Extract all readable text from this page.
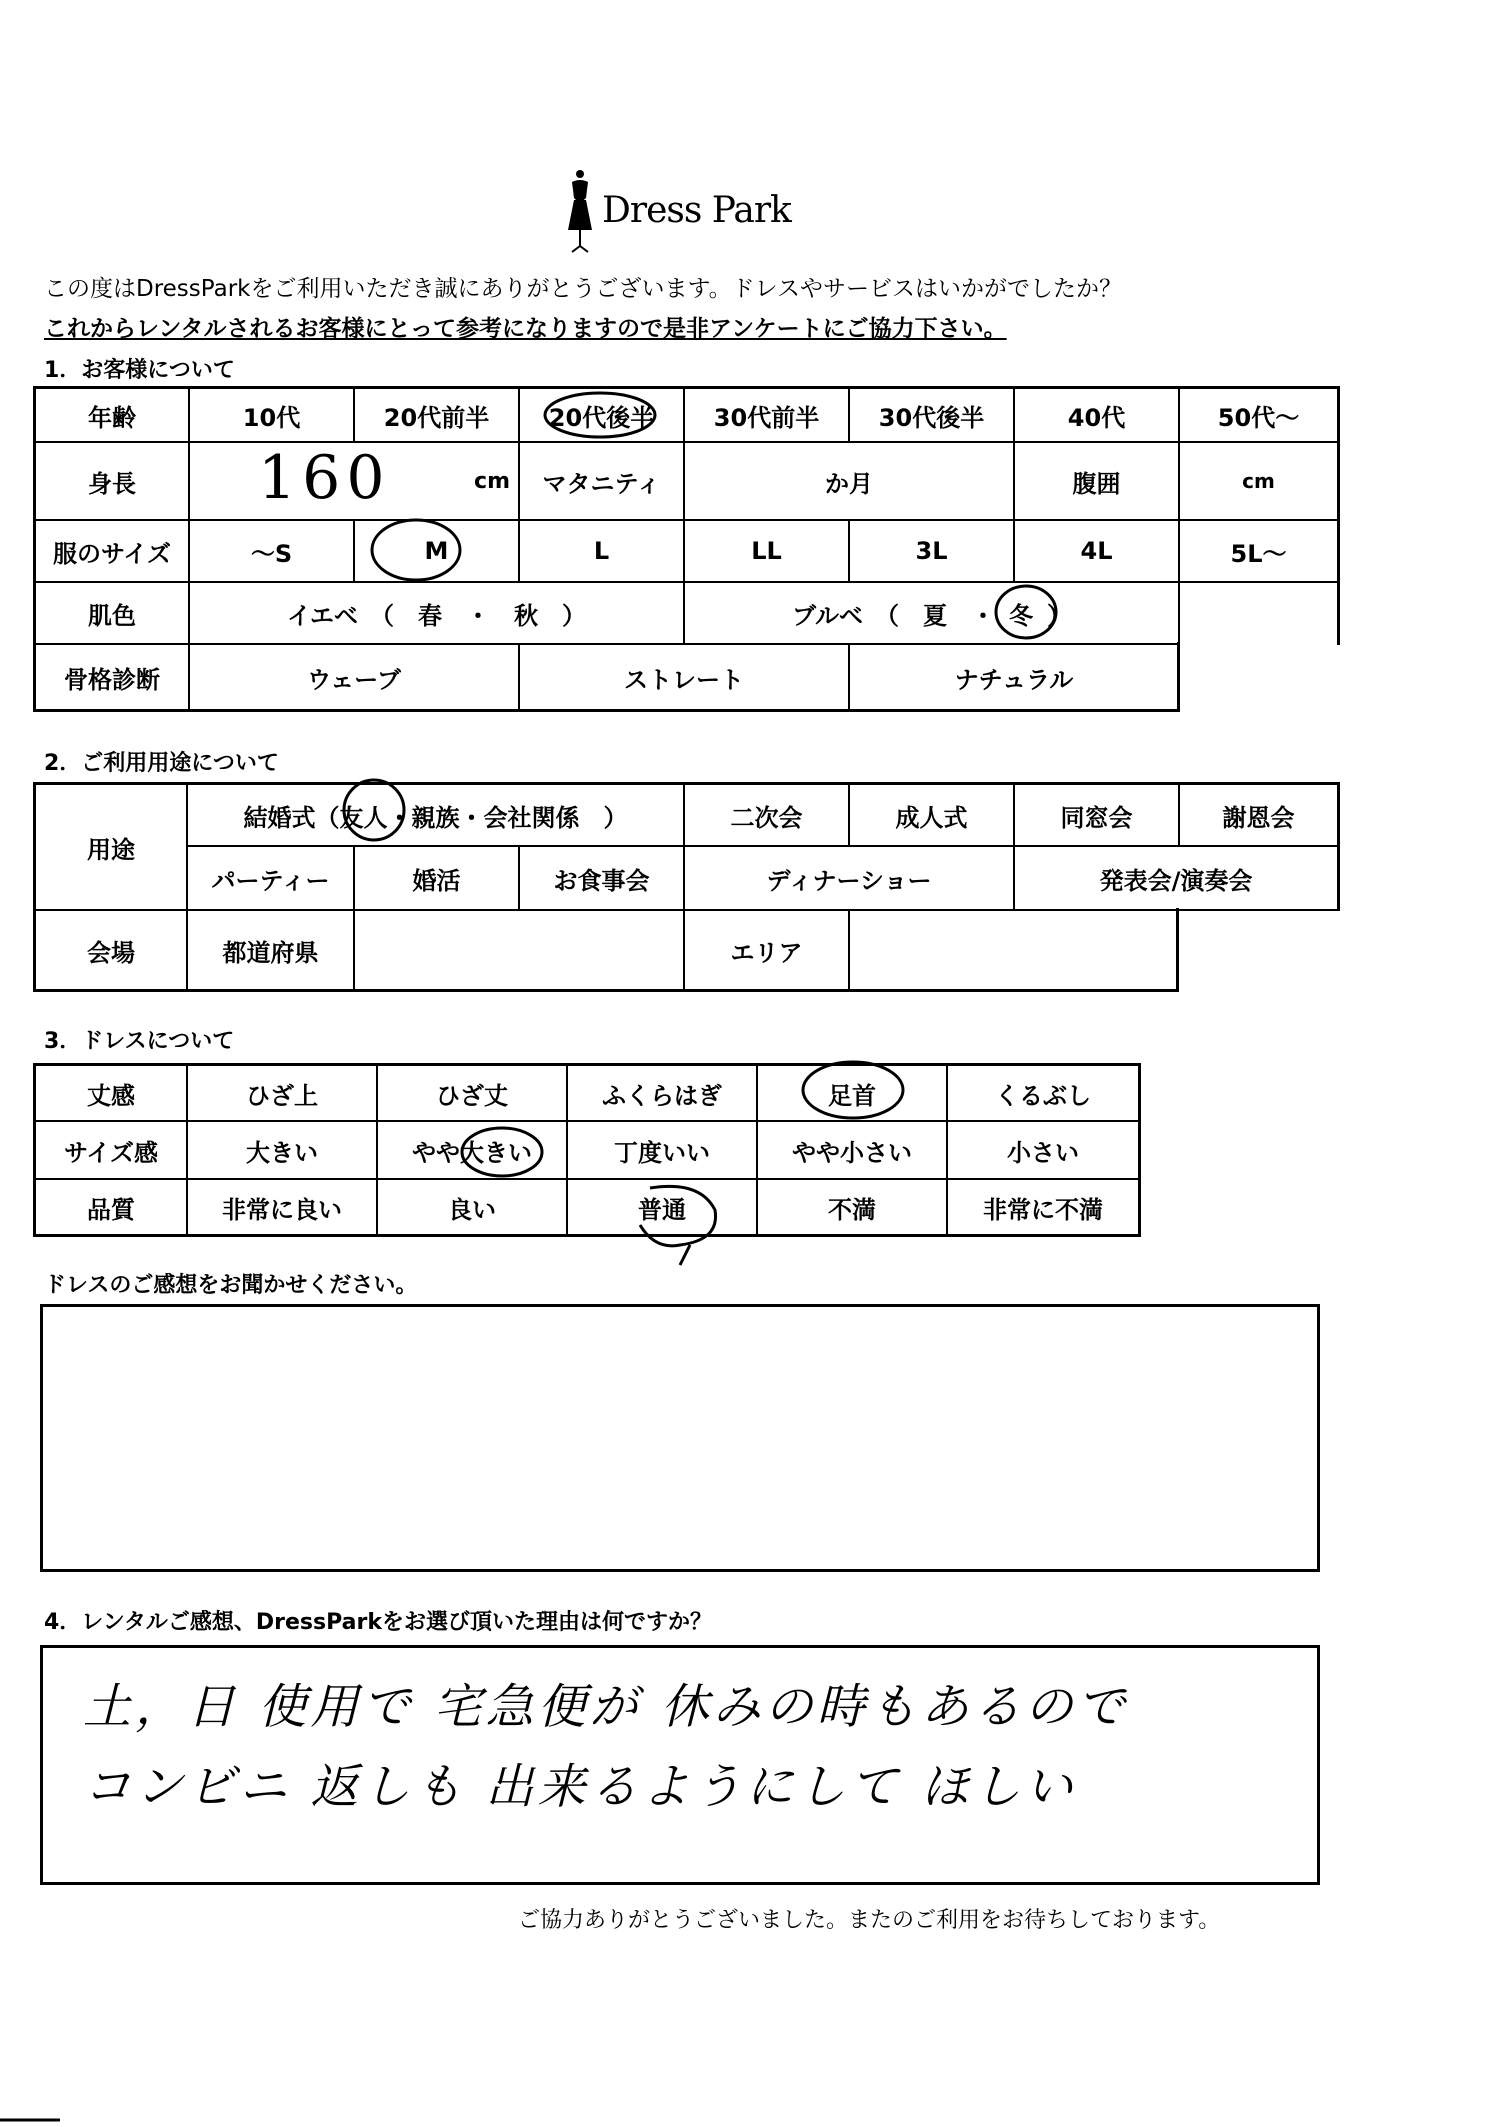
Dress Park
この度はDressParkをご利用いただき誠にありがとうございます。ドレスやサービスはいかがでしたか？
これからレンタルされるお客様にとって参考になりますので是非アンケートにご協力下さい。
1．お客様について
年齢	10代	20代前半	20代後半	30代前半	30代後半	40代	50代～
身長	160	cm	マタニティ	か月	腹囲	cm
服のサイズ	～S	M	L	LL	3L	4L	5L～
肌色	イエベ　（　春　・　秋　）	ブルベ　（　夏　・ 冬 ）
骨格診断	ウェーブ	ストレート	ナチュラル
2．ご利用用途について
用途
結婚式（ 友人 ・親族・会社関係　）	二次会	成人式	同窓会	謝恩会
パーティー	婚活	お食事会	ディナーショー	発表会/演奏会
会場	都道府県	エリア
3．ドレスについて
丈感	ひざ上	ひざ丈	ふくらはぎ	足首	くるぶし
サイズ感	大きい	やや大きい	丁度いい	やや小さい	小さい
品質	非常に良い	良い	普通	不満	非常に不満
ドレスのご感想をお聞かせください。
4．レンタルご感想、DressParkをお選び頂いた理由は何ですか？
土，日 使用で 宅急便が 休みの時もあるので
コンビニ 返しも 出来るようにして ほしい
ご協力ありがとうございました。またのご利用をお待ちしております。
